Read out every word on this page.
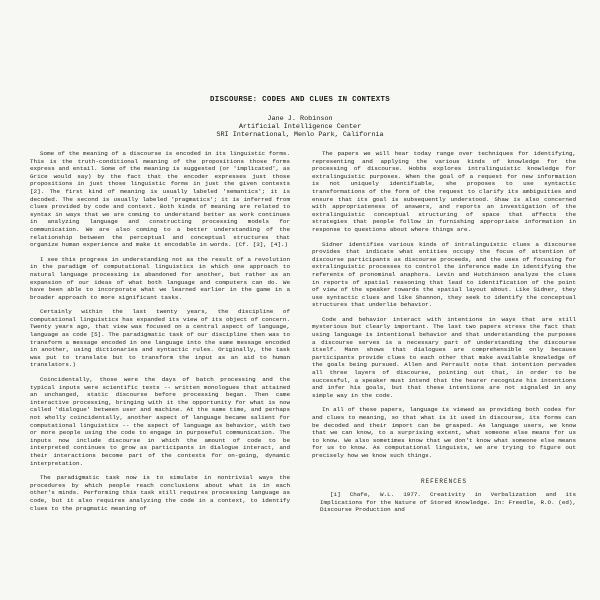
DISCOURSE: CODES AND CLUES IN CONTEXTS
Jane J. Robinson
Artificial Intelligence Center
SRI International, Menlo Park, California

Some of the meaning of a discourse is encoded in its linguistic forms. This is the truth-conditional meaning of the propositions those forms express and entail. Some of the meaning is suggested (or 'implicated', as Grice would say) by the fact that the encoder expresses just those propositions in just those linguistic forms in just the given contexts [2]. The first kind of meaning is usually labeled 'semantics'; it is decoded. The second is usually labeled 'pragmatics'; it is inferred from clues provided by code and context. Both kinds of meaning are related to syntax in ways that we are coming to understand better as work continues in analyzing language and constructing processing models for communication. We are also coming to a better understanding of the relationship between the perceptual and conceptual structures that organize human experience and make it encodable in words. (Cf. [3], [4].)

I see this progress in understanding not as the result of a revolution in the paradigm of computational linguistics in which one approach to natural language processing is abandoned for another, but rather as an expansion of our ideas of what both language and computers can do. We have been able to incorporate what we learned earlier in the game in a broader approach to more significant tasks.

Certainly within the last twenty years, the discipline of computational linguistics has expanded its view of its object of concern. Twenty years ago, that view was focused on a central aspect of language, language as code [5]. The paradigmatic task of our discipline then was to transform a message encoded in one language into the same message encoded in another, using dictionaries and syntactic rules. Originally, the task was put to translate but to transform the input as an aid to human translators.)

Coincidentally, those were the days of batch processing and the typical inputs were scientific texts -- written monologues that attained an unchanged, static discourse before processing began. Then came interactive processing, bringing with it the opportunity for what is now called 'dialogue' between user and machine. At the same time, and perhaps not wholly coincidentally, another aspect of language became salient for computational linguistics -- the aspect of language as behavior, with two or more people using the code to engage in purposeful communication. The inputs now include discourse in which the amount of code to be interpreted continues to grow as participants in dialogue interact, and their interactions become part of the contexts for on-going, dynamic interpretation.

The paradigmatic task now is to simulate in nontrivial ways the procedures by which people reach conclusions about what is in each other's minds. Performing this task still requires processing language as code, but it also requires analyzing the code in a context, to identify clues to the pragmatic meaning of

The papers we will hear today range over techniques for identifying, representing and applying the various kinds of knowledge for the processing of discourse. Hobbs explores intralinguistic knowledge for extralinguistic purposes. When the goal of a request for new information is not uniquely identifiable, she proposes to use syntactic transformations of the form of the request to clarify its ambiguities and ensure that its goal is subsequently understood. Shaw is also concerned with appropriateness of answers, and reports an investigation of the extralinguistic conceptual structuring of space that affects the strategies that people follow in furnishing appropriate information in response to questions about where things are.

Sidner identifies various kinds of intralinguistic clues a discourse provides that indicate what entities occupy the focus of attention of discourse participants as discourse proceeds, and the uses of focusing for extralinguistic processes to control the inference made in identifying the referents of pronominal anaphora. Levin and Hutchinson analyze the clues in reports of spatial reasoning that lead to identification of the point of view of the speaker towards the spatial layout about. Like Sidner, they use syntactic clues and like Shannon, they seek to identify the conceptual structures that underlie behavior.

Code and behavior interact with intentions in ways that are still mysterious but clearly important. The last two papers stress the fact that using language is intentional behavior and that understanding the purposes a discourse serves is a necessary part of understanding the discourse itself. Mann shows that dialogues are comprehensible only because participants provide clues to each other that make available knowledge of the goals being pursued. Allen and Perrault note that intention pervades all three layers of discourse, pointing out that, in order to be successful, a speaker must intend that the hearer recognize his intentions and infer his goals, but that these intentions are not signaled in any simple way in the code.

In all of these papers, language is viewed as providing both codes for and clues to meaning, so that what is it used in discourse, its forms can be decoded and their import can be grasped. As language users, we know that we can know, to a surprising extent, what someone else means for us to know. We also sometimes know that we don't know what someone else means for us to know. As computational linguists, we are trying to figure out precisely how we know such things.

REFERENCES

[1] Chafe, W.L. 1977. Creativity in Verbalization and its Implications for the Nature of Stored Knowledge. In: Freedle, R.O. (ed), Discourse Production and
